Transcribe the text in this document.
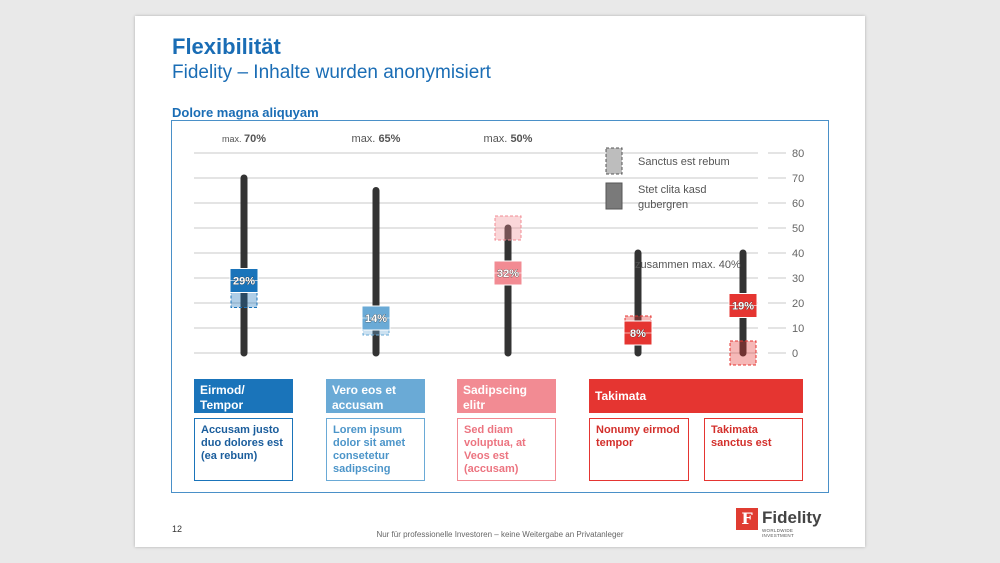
Flexibilität
Fidelity – Inhalte wurden anonymisiert
Dolore magna aliquyam
0
10
20
30
40
50
60
70
80
max. 70%
29%
max. 65%
14%
max. 50%
32%
8%
19%
zusammen max. 40%
Sanctus est rebum
Stet clita kasd
gubergren
Eirmod/ Tempor
Vero eos et accusam
Sadipscing elitr
Takimata
Accusam justo duo dolores est (ea rebum)
Lorem ipsum dolor sit amet consetetur sadipscing
Sed diam voluptua, at Veos est (accusam)
Nonumy eirmod tempor
Takimata sanctus est
12
Nur für professionelle Investoren – keine Weitergabe an Privatanleger
F Fidelity
WORLDWIDE INVESTMENT
